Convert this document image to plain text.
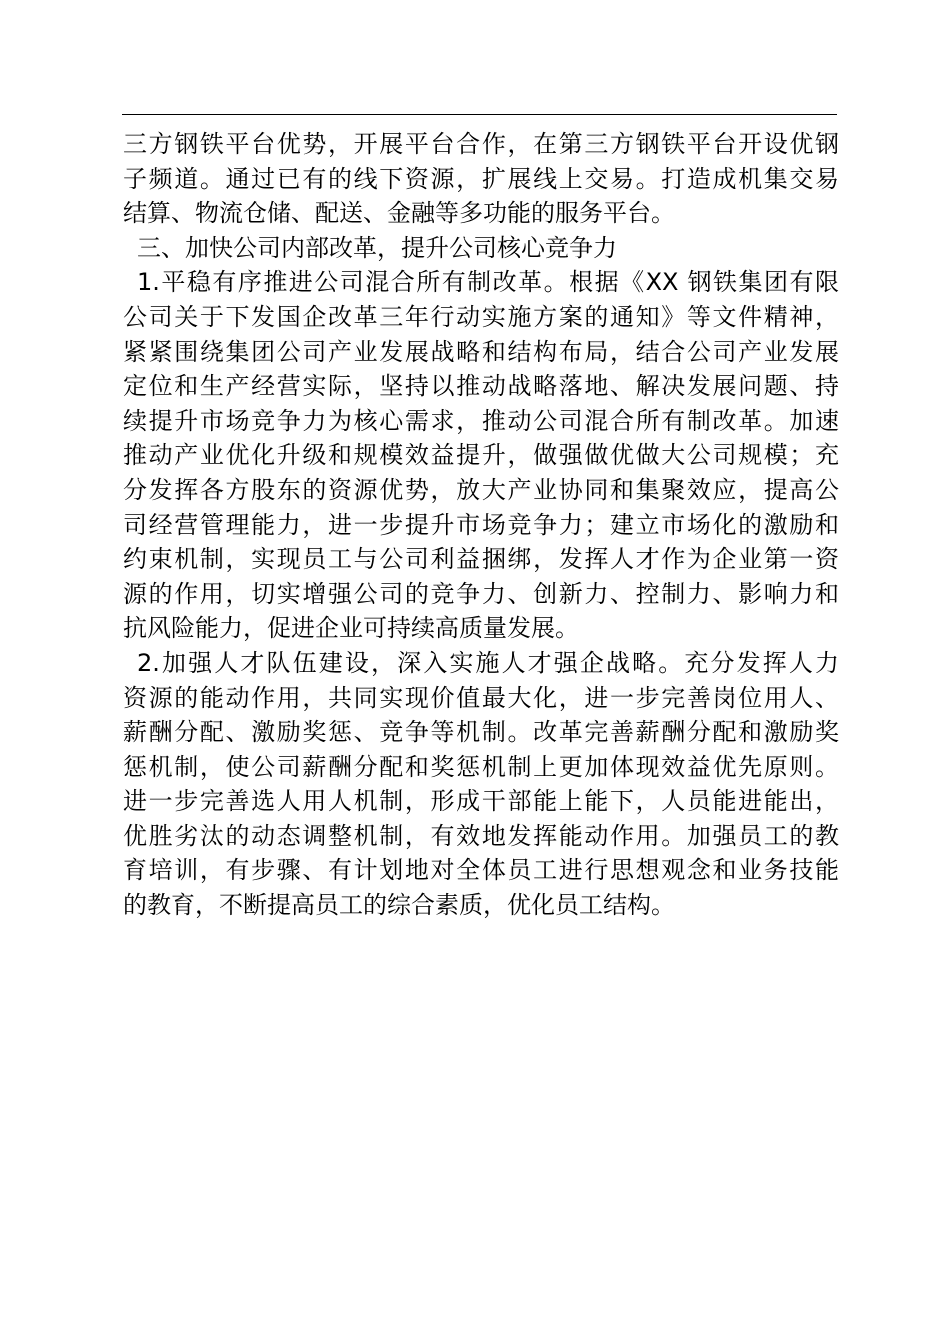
三方钢铁平台优势，开展平台合作，在第三方钢铁平台开设优钢
子频道。通过已有的线下资源，扩展线上交易。打造成机集交易
结算、物流仓储、配送、金融等多功能的服务平台。
三、加快公司内部改革，提升公司核心竞争力
1.平稳有序推进公司混合所有制改革。根据《XX 钢铁集团有限
公司关于下发国企改革三年行动实施方案的通知》等文件精神，
紧紧围绕集团公司产业发展战略和结构布局，结合公司产业发展
定位和生产经营实际，坚持以推动战略落地、解决发展问题、持
续提升市场竞争力为核心需求，推动公司混合所有制改革。加速
推动产业优化升级和规模效益提升，做强做优做大公司规模；充
分发挥各方股东的资源优势，放大产业协同和集聚效应，提高公
司经营管理能力，进一步提升市场竞争力；建立市场化的激励和
约束机制，实现员工与公司利益捆绑，发挥人才作为企业第一资
源的作用，切实增强公司的竞争力、创新力、控制力、影响力和
抗风险能力，促进企业可持续高质量发展。
2.加强人才队伍建设，深入实施人才强企战略。充分发挥人力
资源的能动作用，共同实现价值最大化，进一步完善岗位用人、
薪酬分配、激励奖惩、竞争等机制。改革完善薪酬分配和激励奖
惩机制，使公司薪酬分配和奖惩机制上更加体现效益优先原则。
进一步完善选人用人机制，形成干部能上能下，人员能进能出，
优胜劣汰的动态调整机制，有效地发挥能动作用。加强员工的教
育培训，有步骤、有计划地对全体员工进行思想观念和业务技能
的教育，不断提高员工的综合素质，优化员工结构。
